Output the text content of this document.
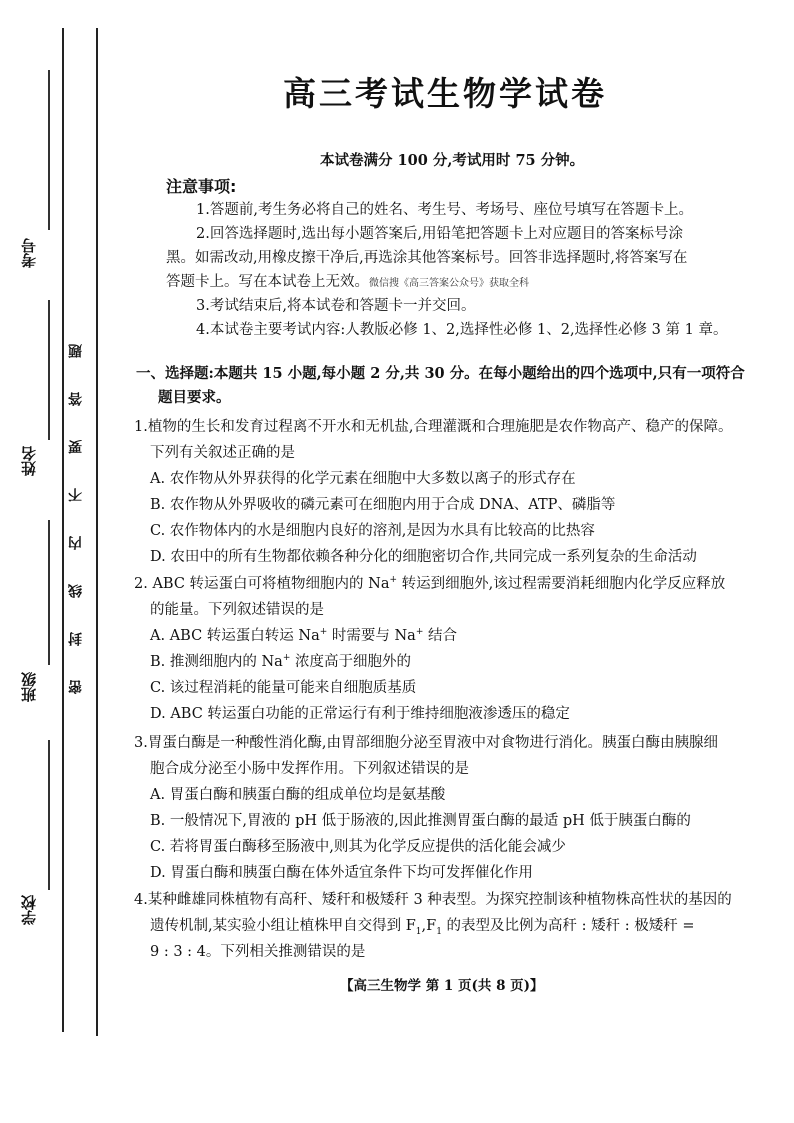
考号
姓名
班级
学校
题
答
要
不
内
线
封
密
高三考试生物学试卷
本试卷满分 100 分,考试用时 75 分钟。
注意事项:
1.答题前,考生务必将自己的姓名、考生号、考场号、座位号填写在答题卡上。
2.回答选择题时,选出每小题答案后,用铅笔把答题卡上对应题目的答案标号涂
黑。如需改动,用橡皮擦干净后,再选涂其他答案标号。回答非选择题时,将答案写在
答题卡上。写在本试卷上无效。微信搜《高三答案公众号》获取全科
3.考试结束后,将本试卷和答题卡一并交回。
4.本试卷主要考试内容:人教版必修 1、2,选择性必修 1、2,选择性必修 3 第 1 章。
一、选择题:本题共 15 小题,每小题 2 分,共 30 分。在每小题给出的四个选项中,只有一项符合
题目要求。
1.植物的生长和发育过程离不开水和无机盐,合理灌溉和合理施肥是农作物高产、稳产的保障。
下列有关叙述正确的是
A. 农作物从外界获得的化学元素在细胞中大多数以离子的形式存在
B. 农作物从外界吸收的磷元素可在细胞内用于合成 DNA、ATP、磷脂等
C. 农作物体内的水是细胞内良好的溶剂,是因为水具有比较高的比热容
D. 农田中的所有生物都依赖各种分化的细胞密切合作,共同完成一系列复杂的生命活动
2. ABC 转运蛋白可将植物细胞内的 Na+ 转运到细胞外,该过程需要消耗细胞内化学反应释放
的能量。下列叙述错误的是
A. ABC 转运蛋白转运 Na+ 时需要与 Na+ 结合
B. 推测细胞内的 Na+ 浓度高于细胞外的
C. 该过程消耗的能量可能来自细胞质基质
D. ABC 转运蛋白功能的正常运行有利于维持细胞液渗透压的稳定
3.胃蛋白酶是一种酸性消化酶,由胃部细胞分泌至胃液中对食物进行消化。胰蛋白酶由胰腺细
胞合成分泌至小肠中发挥作用。下列叙述错误的是
A. 胃蛋白酶和胰蛋白酶的组成单位均是氨基酸
B. 一般情况下,胃液的 pH 低于肠液的,因此推测胃蛋白酶的最适 pH 低于胰蛋白酶的
C. 若将胃蛋白酶移至肠液中,则其为化学反应提供的活化能会减少
D. 胃蛋白酶和胰蛋白酶在体外适宜条件下均可发挥催化作用
4.某种雌雄同株植物有高秆、矮秆和极矮秆 3 种表型。为探究控制该种植物株高性状的基因的
遗传机制,某实验小组让植株甲自交得到 $F_1,F_1$ 的表型及比例为高秆 : 矮秆 : 极矮秆 =
9 : 3 : 4。下列相关推测错误的是
【高三生物学 第 1 页(共 8 页)】
